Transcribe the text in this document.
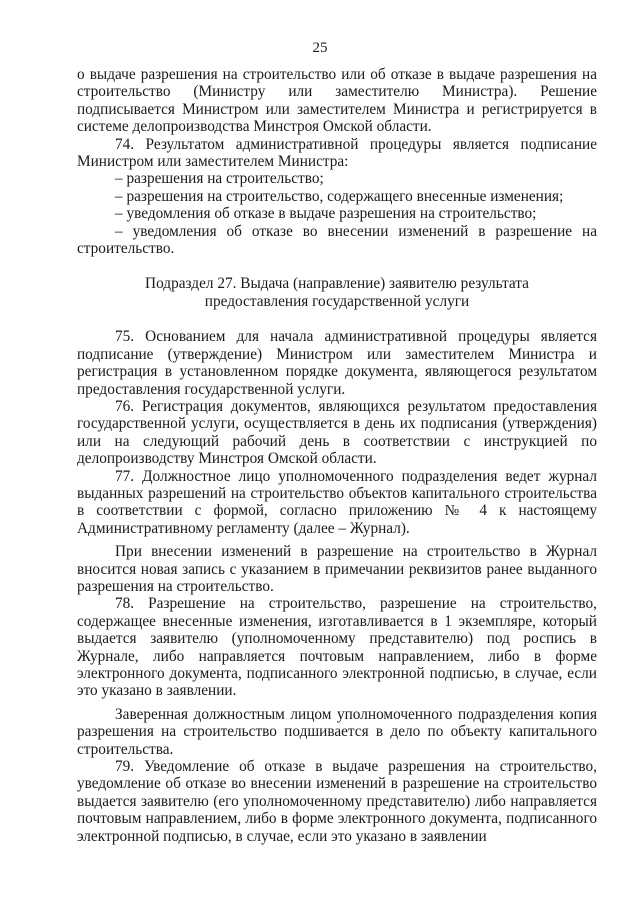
25

о выдаче разрешения на строительство или об отказе в выдаче разрешения на строительство (Министру или заместителю Министра). Решение подписывается Министром или заместителем Министра и регистрируется в системе делопроизводства Минстроя Омской области.

74. Результатом административной процедуры является подписание Министром или заместителем Министра:

– разрешения на строительство;

– разрешения на строительство, содержащего внесенные изменения;

– уведомления об отказе в выдаче разрешения на строительство;

– уведомления об отказе во внесении изменений в разрешение на строительство.

Подраздел 27. Выдача (направление) заявителю результата предоставления государственной услуги

75. Основанием для начала административной процедуры является подписание (утверждение) Министром или заместителем Министра и регистрация в установленном порядке документа, являющегося результатом предоставления государственной услуги.

76. Регистрация документов, являющихся результатом предоставления государственной услуги, осуществляется в день их подписания (утверждения) или на следующий рабочий день в соответствии с инструкцией по делопроизводству Минстроя Омской области.

77. Должностное лицо уполномоченного подразделения ведет журнал выданных разрешений на строительство объектов капитального строительства в соответствии с формой, согласно приложению № 4 к настоящему Административному регламенту (далее – Журнал).

При внесении изменений в разрешение на строительство в Журнал вносится новая запись с указанием в примечании реквизитов ранее выданного разрешения на строительство.

78. Разрешение на строительство, разрешение на строительство, содержащее внесенные изменения, изготавливается в 1 экземпляре, который выдается заявителю (уполномоченному представителю) под роспись в Журнале, либо направляется почтовым направлением, либо в форме электронного документа, подписанного электронной подписью, в случае, если это указано в заявлении.

Заверенная должностным лицом уполномоченного подразделения копия разрешения на строительство подшивается в дело по объекту капитального строительства.

79. Уведомление об отказе в выдаче разрешения на строительство, уведомление об отказе во внесении изменений в разрешение на строительство выдается заявителю (его уполномоченному представителю) либо направляется почтовым направлением, либо в форме электронного документа, подписанного электронной подписью, в случае, если это указано в заявлении
